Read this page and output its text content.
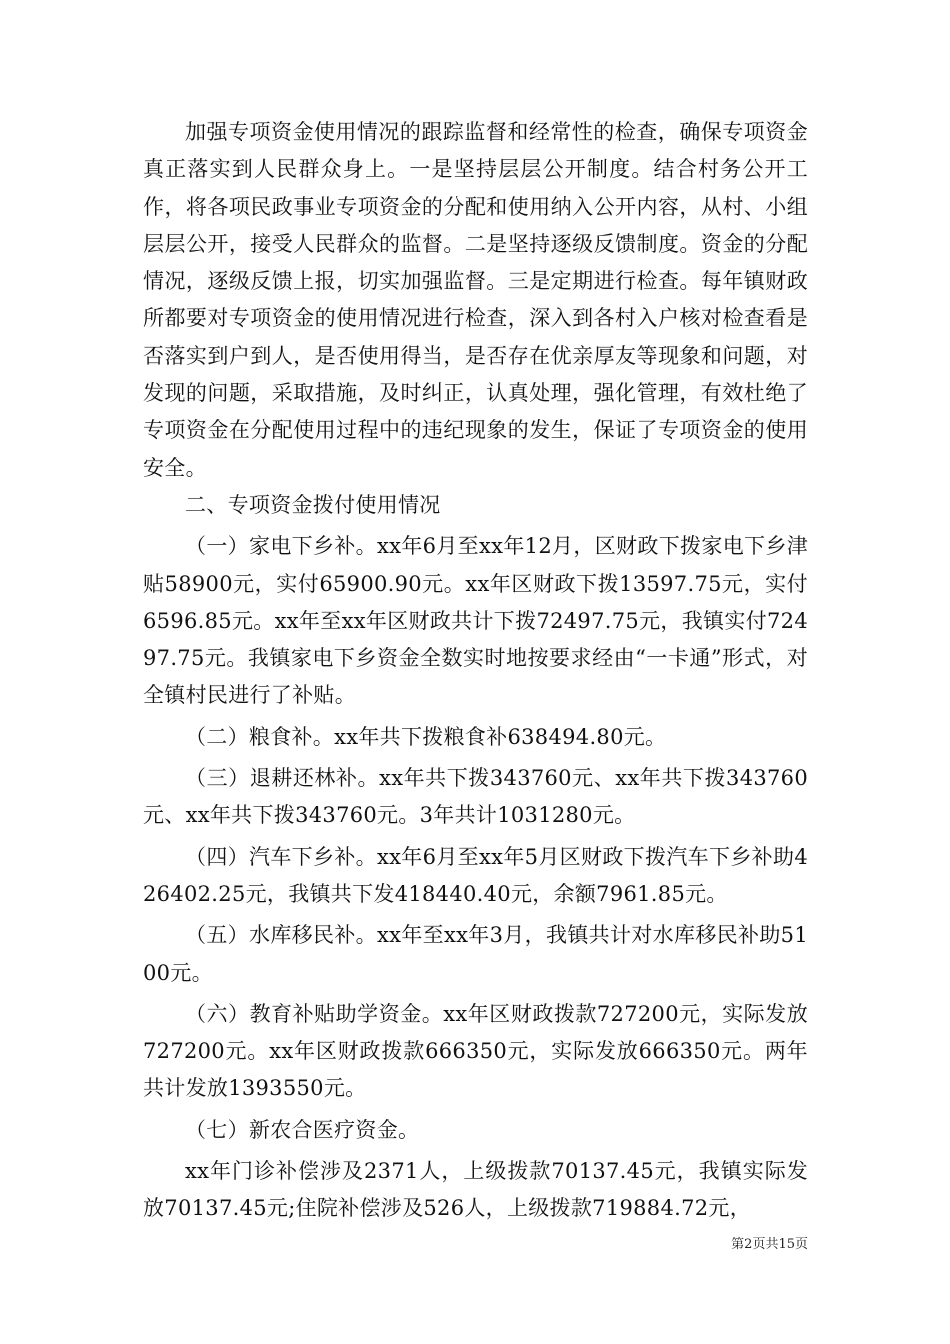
加强专项资金使用情况的跟踪监督和经常性的检查，确保专项资金真正落实到人民群众身上。一是坚持层层公开制度。结合村务公开工作，将各项民政事业专项资金的分配和使用纳入公开内容，从村、小组层层公开，接受人民群众的监督。二是坚持逐级反馈制度。资金的分配情况，逐级反馈上报，切实加强监督。三是定期进行检查。每年镇财政所都要对专项资金的使用情况进行检查，深入到各村入户核对检查看是否落实到户到人，是否使用得当，是否存在优亲厚友等现象和问题，对发现的问题，采取措施，及时纠正，认真处理，强化管理，有效杜绝了专项资金在分配使用过程中的违纪现象的发生，保证了专项资金的使用安全。

二、专项资金拨付使用情况

（一）家电下乡补。xx年6月至xx年12月，区财政下拨家电下乡津贴58900元，实付65900.90元。xx年区财政下拨13597.75元，实付6596.85元。xx年至xx年区财政共计下拨72497.75元，我镇实付72497.75元。我镇家电下乡资金全数实时地按要求经由“一卡通”形式，对全镇村民进行了补贴。

（二）粮食补。xx年共下拨粮食补638494.80元。

（三）退耕还林补。xx年共下拨343760元、xx年共下拨343760元、xx年共下拨343760元。3年共计1031280元。

（四）汽车下乡补。xx年6月至xx年5月区财政下拨汽车下乡补助426402.25元，我镇共下发418440.40元，余额7961.85元。

（五）水库移民补。xx年至xx年3月，我镇共计对水库移民补助5100元。

（六）教育补贴助学资金。xx年区财政拨款727200元，实际发放727200元。xx年区财政拨款666350元，实际发放666350元。两年共计发放1393550元。

（七）新农合医疗资金。

xx年门诊补偿涉及2371人，上级拨款70137.45元，我镇实际发放70137.45元;住院补偿涉及526人，上级拨款719884.72元，

第2页共15页
